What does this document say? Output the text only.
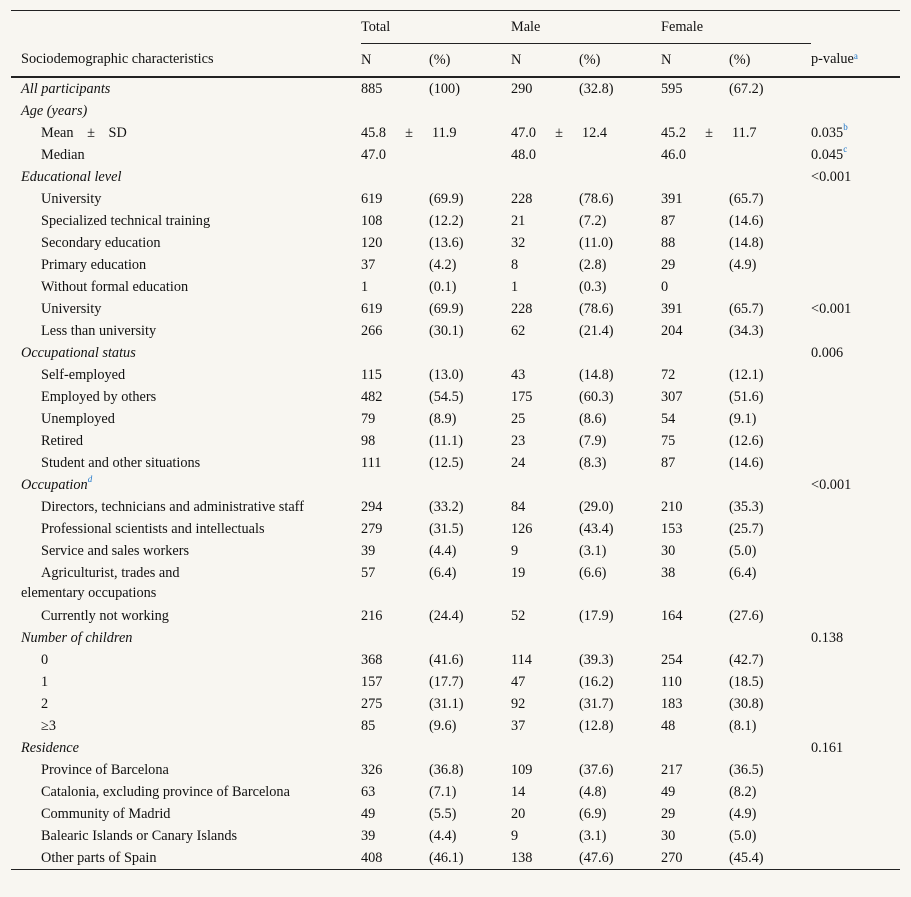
	Total		Male		Female		
Sociodemographic characteristics	N	(%)	N	(%)	N	(%)	p-value$^a$
All participants	885	(100)	290	(32.8)	595	(67.2)	
Age (years)							
Mean ± SD	45.8 ± 11.9		47.0 ± 12.4		45.2 ± 11.7		0.035$^b$
Median	47.0		48.0		46.0		0.045$^c$
Educational level							<0.001
University	619	(69.9)	228	(78.6)	391	(65.7)	
Specialized technical training	108	(12.2)	21	(7.2)	87	(14.6)	
Secondary education	120	(13.6)	32	(11.0)	88	(14.8)	
Primary education	37	(4.2)	8	(2.8)	29	(4.9)	
Without formal education	1	(0.1)	1	(0.3)	0		
University	619	(69.9)	228	(78.6)	391	(65.7)	<0.001
Less than university	266	(30.1)	62	(21.4)	204	(34.3)	
Occupational status							0.006
Self-employed	115	(13.0)	43	(14.8)	72	(12.1)	
Employed by others	482	(54.5)	175	(60.3)	307	(51.6)	
Unemployed	79	(8.9)	25	(8.6)	54	(9.1)	
Retired	98	(11.1)	23	(7.9)	75	(12.6)	
Student and other situations	111	(12.5)	24	(8.3)	87	(14.6)	
Occupation$^d$							<0.001
Directors, technicians and administrative staff	294	(33.2)	84	(29.0)	210	(35.3)	
Professional scientists and intellectuals	279	(31.5)	126	(43.4)	153	(25.7)	
Service and sales workers	39	(4.4)	9	(3.1)	30	(5.0)	
Agriculturist, trades and
elementary occupations	57	(6.4)	19	(6.6)	38	(6.4)	
Currently not working	216	(24.4)	52	(17.9)	164	(27.6)	
Number of children							0.138
0	368	(41.6)	114	(39.3)	254	(42.7)	
1	157	(17.7)	47	(16.2)	110	(18.5)	
2	275	(31.1)	92	(31.7)	183	(30.8)	
≥3	85	(9.6)	37	(12.8)	48	(8.1)	
Residence							0.161
Province of Barcelona	326	(36.8)	109	(37.6)	217	(36.5)	
Catalonia, excluding province of Barcelona	63	(7.1)	14	(4.8)	49	(8.2)	
Community of Madrid	49	(5.5)	20	(6.9)	29	(4.9)	
Balearic Islands or Canary Islands	39	(4.4)	9	(3.1)	30	(5.0)	
Other parts of Spain	408	(46.1)	138	(47.6)	270	(45.4)	
